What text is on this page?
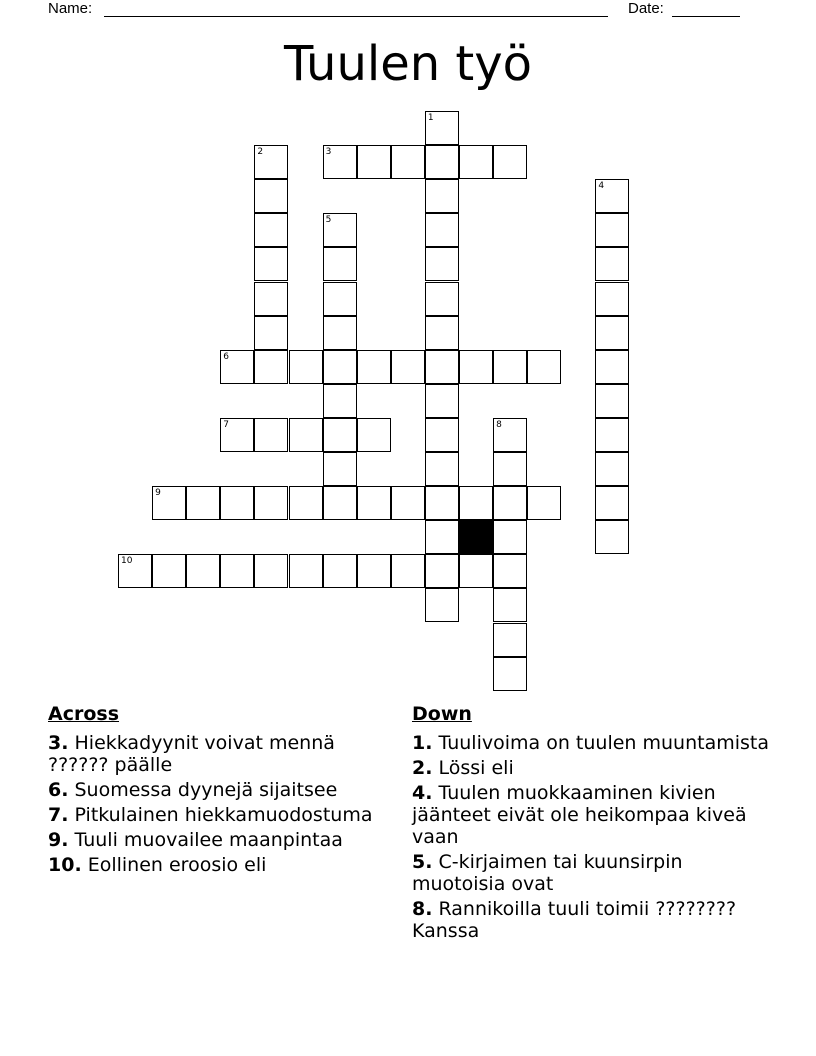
Name:	Date:
Tuulen työ
1
2	3
4
5
6
7	8
9
10
Across
3. Hiekkadyynit voivat mennä ?????? päälle
6. Suomessa dyynejä sijaitsee
7. Pitkulainen hiekkamuodostuma
9. Tuuli muovailee maanpintaa
10. Eollinen eroosio eli
Down
1. Tuulivoima on tuulen muuntamista
2. Lössi eli
4. Tuulen muokkaaminen kivien jäänteet eivät ole heikompaa kiveä vaan
5. C-kirjaimen tai kuunsirpin muotoisia ovat
8. Rannikoilla tuuli toimii ???????? Kanssa
